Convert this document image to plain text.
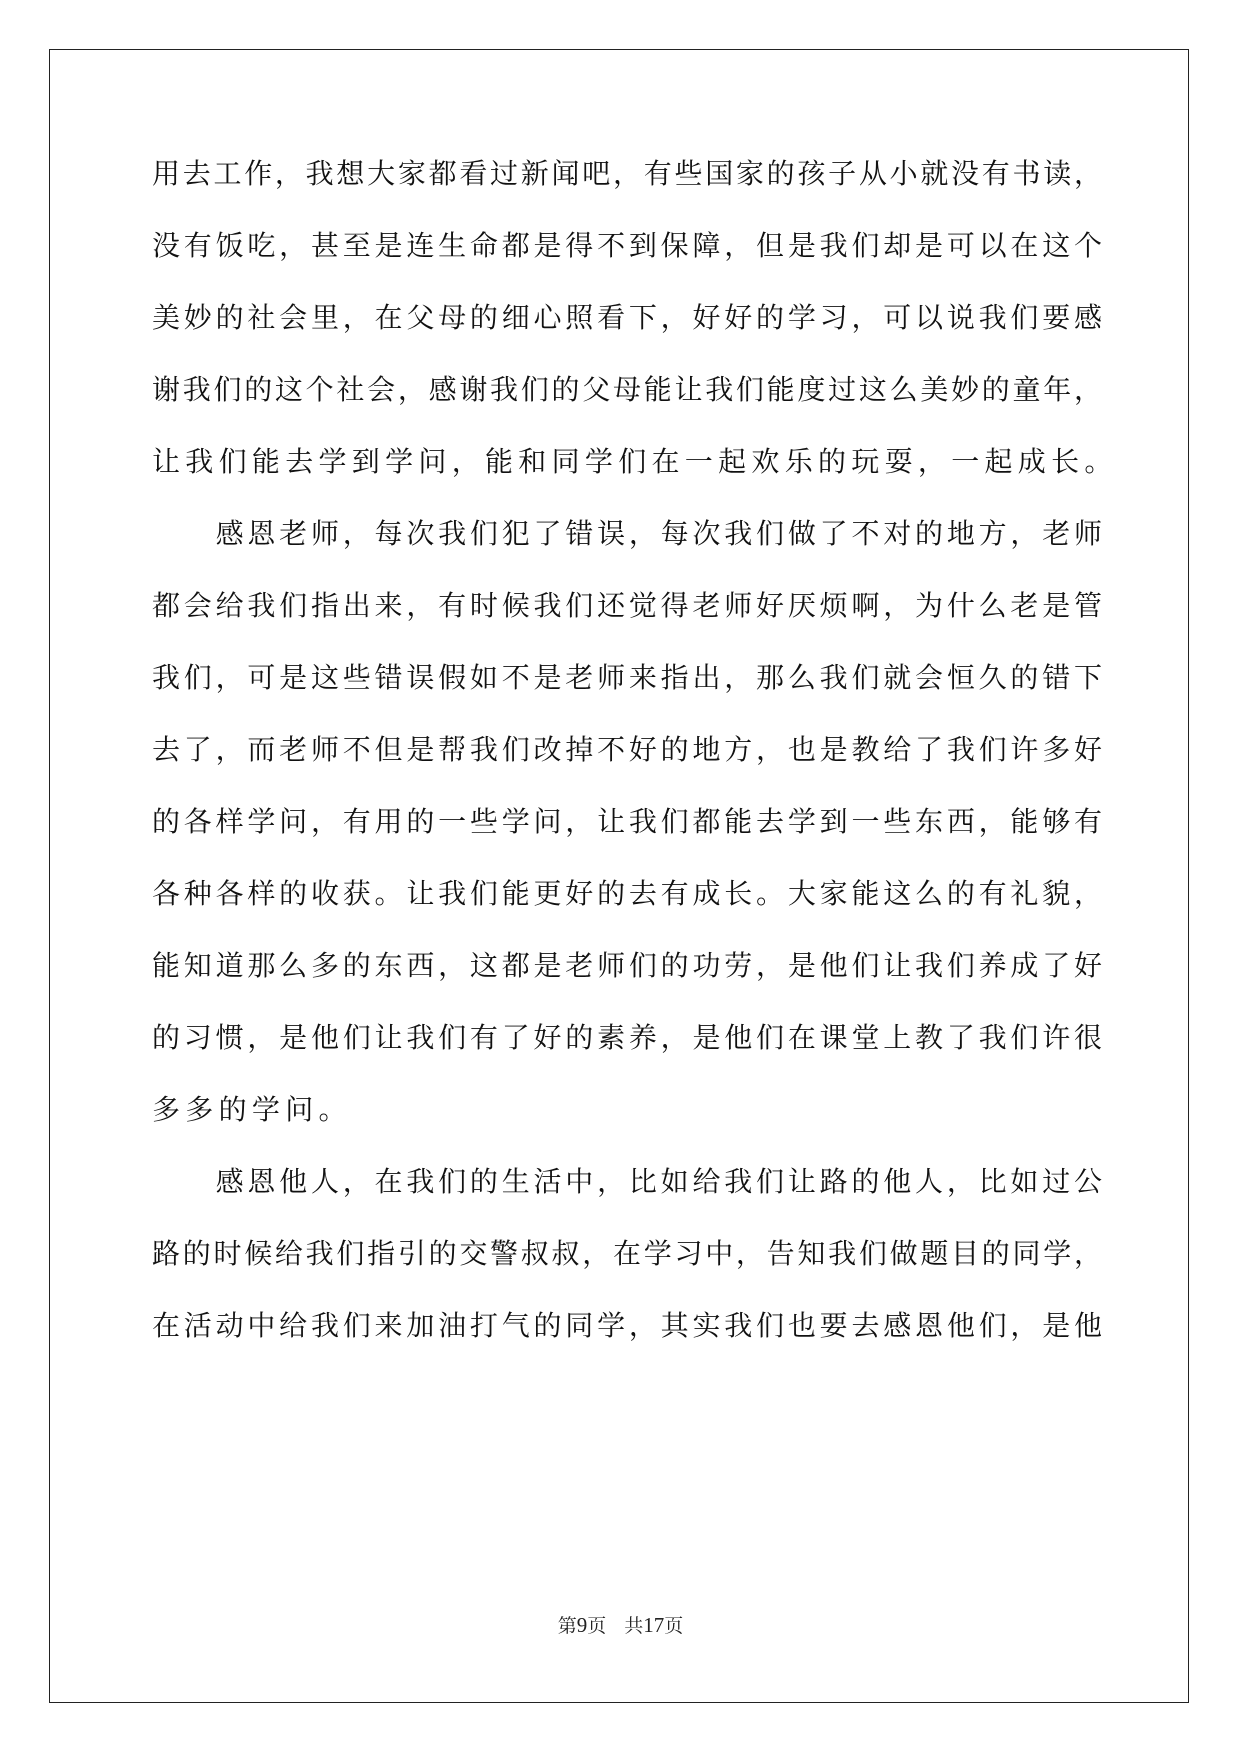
用去工作，我想大家都看过新闻吧，有些国家的孩子从小就没有书读，
没有饭吃，甚至是连生命都是得不到保障，但是我们却是可以在这个
美妙的社会里，在父母的细心照看下，好好的学习，可以说我们要感
谢我们的这个社会，感谢我们的父母能让我们能度过这么美妙的童年，
让我们能去学到学问，能和同学们在一起欢乐的玩耍，一起成长。
　　感恩老师，每次我们犯了错误，每次我们做了不对的地方，老师
都会给我们指出来，有时候我们还觉得老师好厌烦啊，为什么老是管
我们，可是这些错误假如不是老师来指出，那么我们就会恒久的错下
去了，而老师不但是帮我们改掉不好的地方，也是教给了我们许多好
的各样学问，有用的一些学问，让我们都能去学到一些东西，能够有
各种各样的收获。让我们能更好的去有成长。大家能这么的有礼貌，
能知道那么多的东西，这都是老师们的功劳，是他们让我们养成了好
的习惯，是他们让我们有了好的素养，是他们在课堂上教了我们许很
多多的学问。
　　感恩他人，在我们的生活中，比如给我们让路的他人，比如过公
路的时候给我们指引的交警叔叔，在学习中，告知我们做题目的同学，
在活动中给我们来加油打气的同学，其实我们也要去感恩他们，是他
第9页 共17页
